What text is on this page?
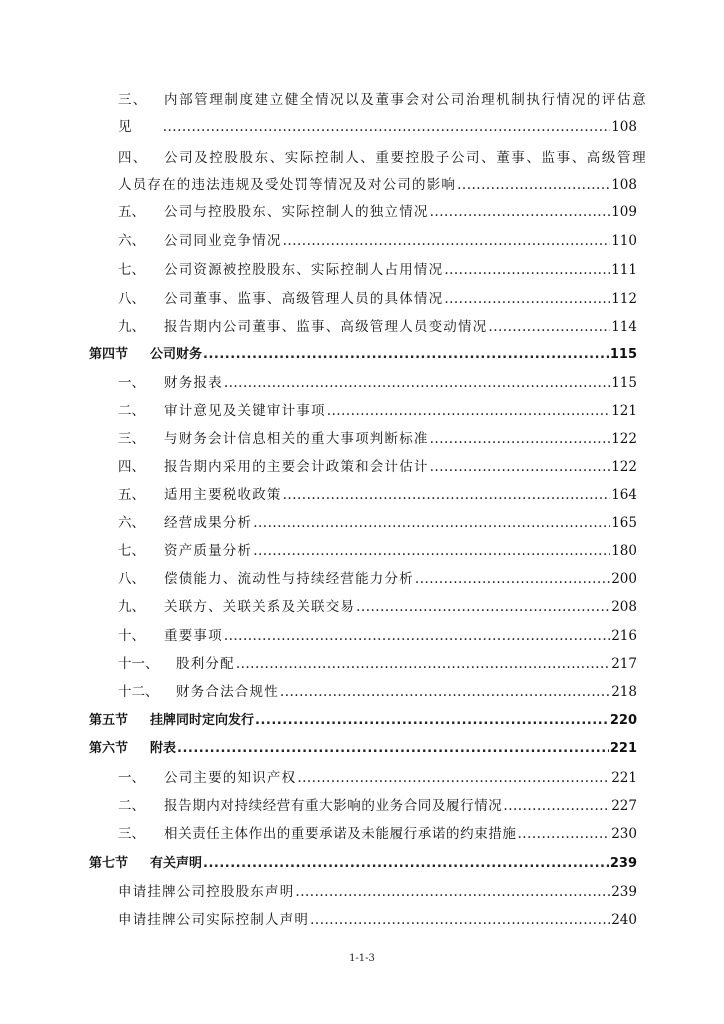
三、 内部管理制度建立健全情况以及董事会对公司治理机制执行情况的评估意
见 .....	108
四、 公司及控股股东、实际控制人、重要控股子公司、董事、监事、高级管理
人员存在的违法违规及受处罚等情况及对公司的影响 .....	108
五、	公司与控股股东、实际控制人的独立情况 .....	109
六、	公司同业竞争情况 .....	110
七、	公司资源被控股股东、实际控制人占用情况 .....	111
八、	公司董事、监事、高级管理人员的具体情况 .....	112
九、	报告期内公司董事、监事、高级管理人员变动情况 .....	114
第四节	公司财务 .....	115
一、	财务报表 .....	115
二、	审计意见及关键审计事项 .....	121
三、	与财务会计信息相关的重大事项判断标准 .....	122
四、	报告期内采用的主要会计政策和会计估计 .....	122
五、	适用主要税收政策 .....	164
六、	经营成果分析 .....	165
七、	资产质量分析 .....	180
八、	偿债能力、流动性与持续经营能力分析 .....	200
九、	关联方、关联关系及关联交易 .....	208
十、	重要事项 .....	216
十一、	股利分配 .....	217
十二、	财务合法合规性 .....	218
第五节	挂牌同时定向发行 .....	220
第六节	附表 .....	221
一、	公司主要的知识产权 .....	221
二、	报告期内对持续经营有重大影响的业务合同及履行情况 .....	227
三、	相关责任主体作出的重要承诺及未能履行承诺的约束措施 .....	230
第七节	有关声明 .....	239
申请挂牌公司控股股东声明 .....	239
申请挂牌公司实际控制人声明 .....	240
1-1-3
